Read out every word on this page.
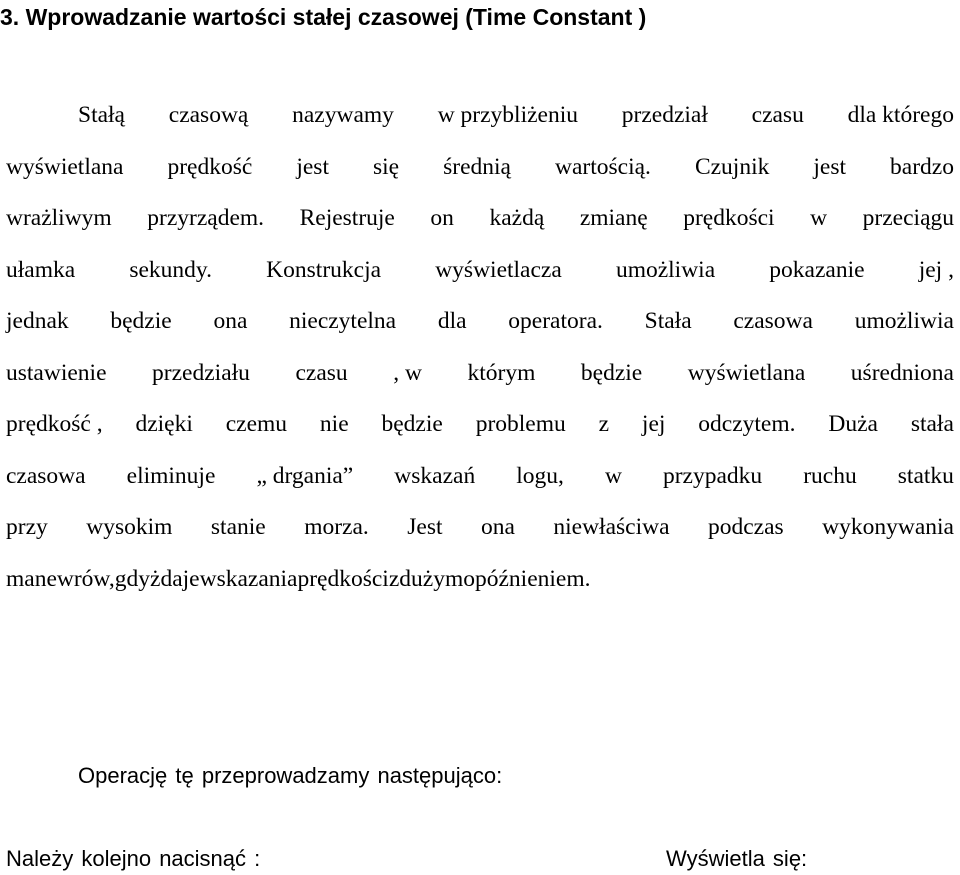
3. Wprowadzanie wartości stałej czasowej (Time Constant )
Stałą czasową nazywamy w przybliżeniu przedział czasu dla którego
wyświetlana prędkość jest się średnią wartością. Czujnik jest bardzo
wrażliwym przyrządem. Rejestruje on każdą zmianę prędkości w przeciągu
ułamka sekundy. Konstrukcja wyświetlacza umożliwia pokazanie jej ,
jednak będzie ona nieczytelna dla operatora. Stała czasowa umożliwia
ustawienie przedziału czasu , w którym będzie wyświetlana uśredniona
prędkość , dzięki czemu nie będzie problemu z jej odczytem. Duża stała
czasowa eliminuje „ drgania” wskazań logu, w przypadku ruchu statku
przy wysokim stanie morza. Jest ona niewłaściwa podczas wykonywania
manewrów, gdyż daje wskazania prędkości z dużym opóźnieniem.
Operację tę przeprowadzamy następująco:
Należy kolejno nacisnąć :	Wyświetla się:
